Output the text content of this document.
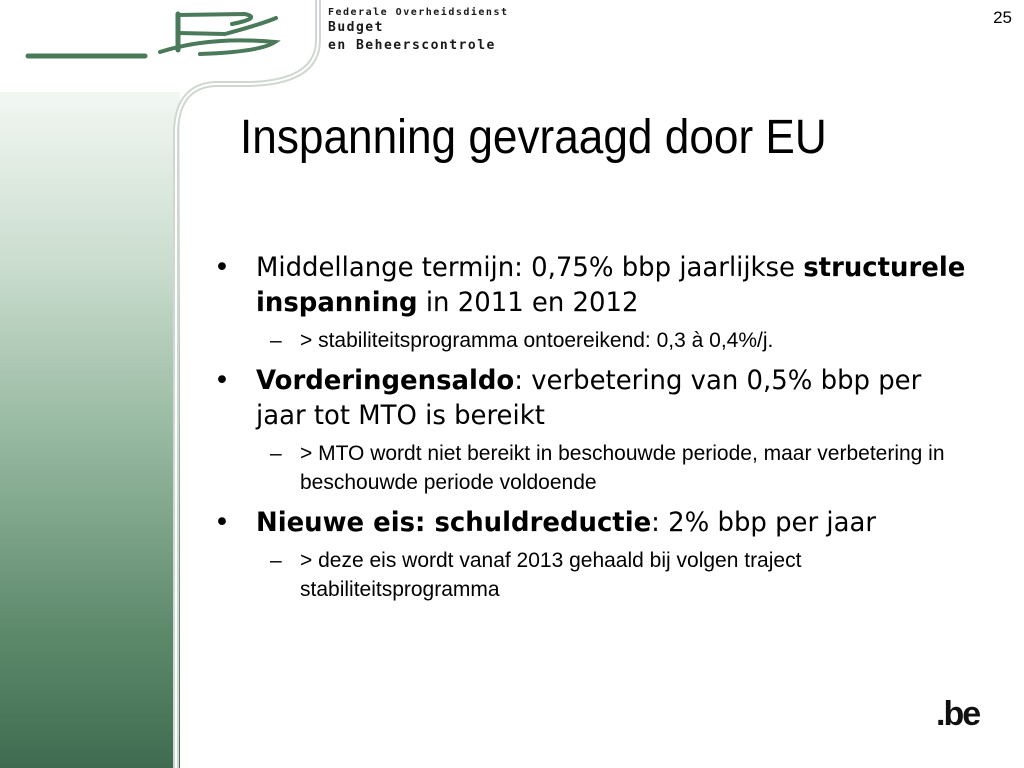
Federale Overheidsdienst
Budget
en Beheerscontrole
25
Inspanning gevraagd door EU
• Middellange termijn: 0,75% bbp jaarlijkse structurele inspanning in 2011 en 2012
– > stabiliteitsprogramma ontoereikend: 0,3 à 0,4%/j.
• Vorderingensaldo: verbetering van 0,5% bbp per jaar tot MTO is bereikt
– > MTO wordt niet bereikt in beschouwde periode, maar verbetering in beschouwde periode voldoende
• Nieuwe eis: schuldreductie: 2% bbp per jaar
– > deze eis wordt vanaf 2013 gehaald bij volgen traject stabiliteitsprogramma
.be
